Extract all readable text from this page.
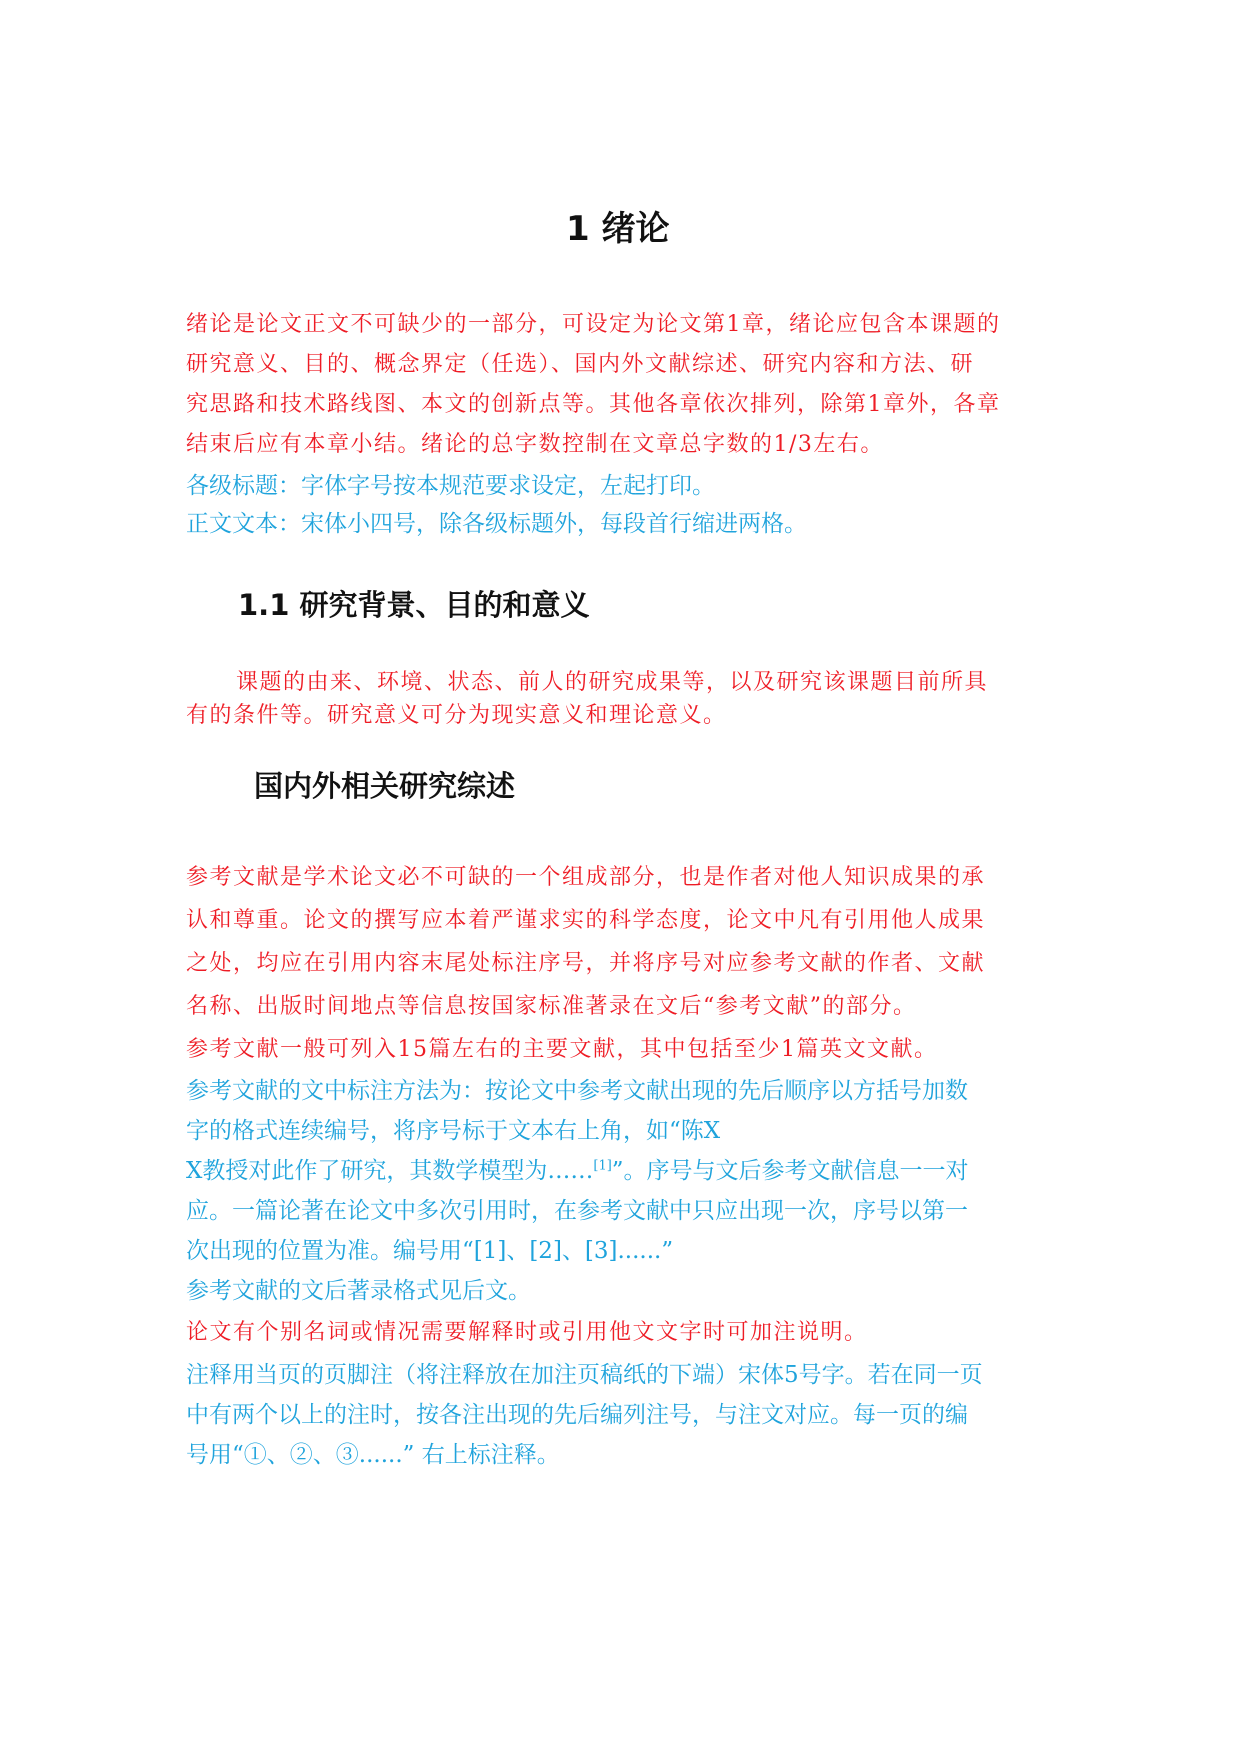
1 绪论

绪论是论文正文不可缺少的一部分，可设定为论文第1章，绪论应包含本课题的

研究意义、目的、概念界定（任选）、国内外文献综述、研究内容和方法、研

究思路和技术路线图、本文的创新点等。其他各章依次排列，除第1章外，各章

结束后应有本章小结。绪论的总字数控制在文章总字数的1/3左右。

各级标题：字体字号按本规范要求设定，左起打印。

正文文本：宋体小四号，除各级标题外，每段首行缩进两格。

1.1 研究背景、目的和意义

课题的由来、环境、状态、前人的研究成果等，以及研究该课题目前所具

有的条件等。研究意义可分为现实意义和理论意义。

国内外相关研究综述

参考文献是学术论文必不可缺的一个组成部分，也是作者对他人知识成果的承

认和尊重。论文的撰写应本着严谨求实的科学态度，论文中凡有引用他人成果

之处，均应在引用内容末尾处标注序号，并将序号对应参考文献的作者、文献

名称、出版时间地点等信息按国家标准著录在文后“参考文献”的部分。

参考文献一般可列入15篇左右的主要文献，其中包括至少1篇英文文献。

参考文献的文中标注方法为：按论文中参考文献出现的先后顺序以方括号加数

字的格式连续编号，将序号标于文本右上角，如“陈X

X教授对此作了研究，其数学模型为……[1]”。序号与文后参考文献信息一一对

应。一篇论著在论文中多次引用时，在参考文献中只应出现一次，序号以第一

次出现的位置为准。编号用“[1]、[2]、[3]......”

参考文献的文后著录格式见后文。

论文有个别名词或情况需要解释时或引用他文文字时可加注说明。

注释用当页的页脚注（将注释放在加注页稿纸的下端）宋体5号字。若在同一页

中有两个以上的注时，按各注出现的先后编列注号，与注文对应。每一页的编

号用“①、②、③......” 右上标注释。
